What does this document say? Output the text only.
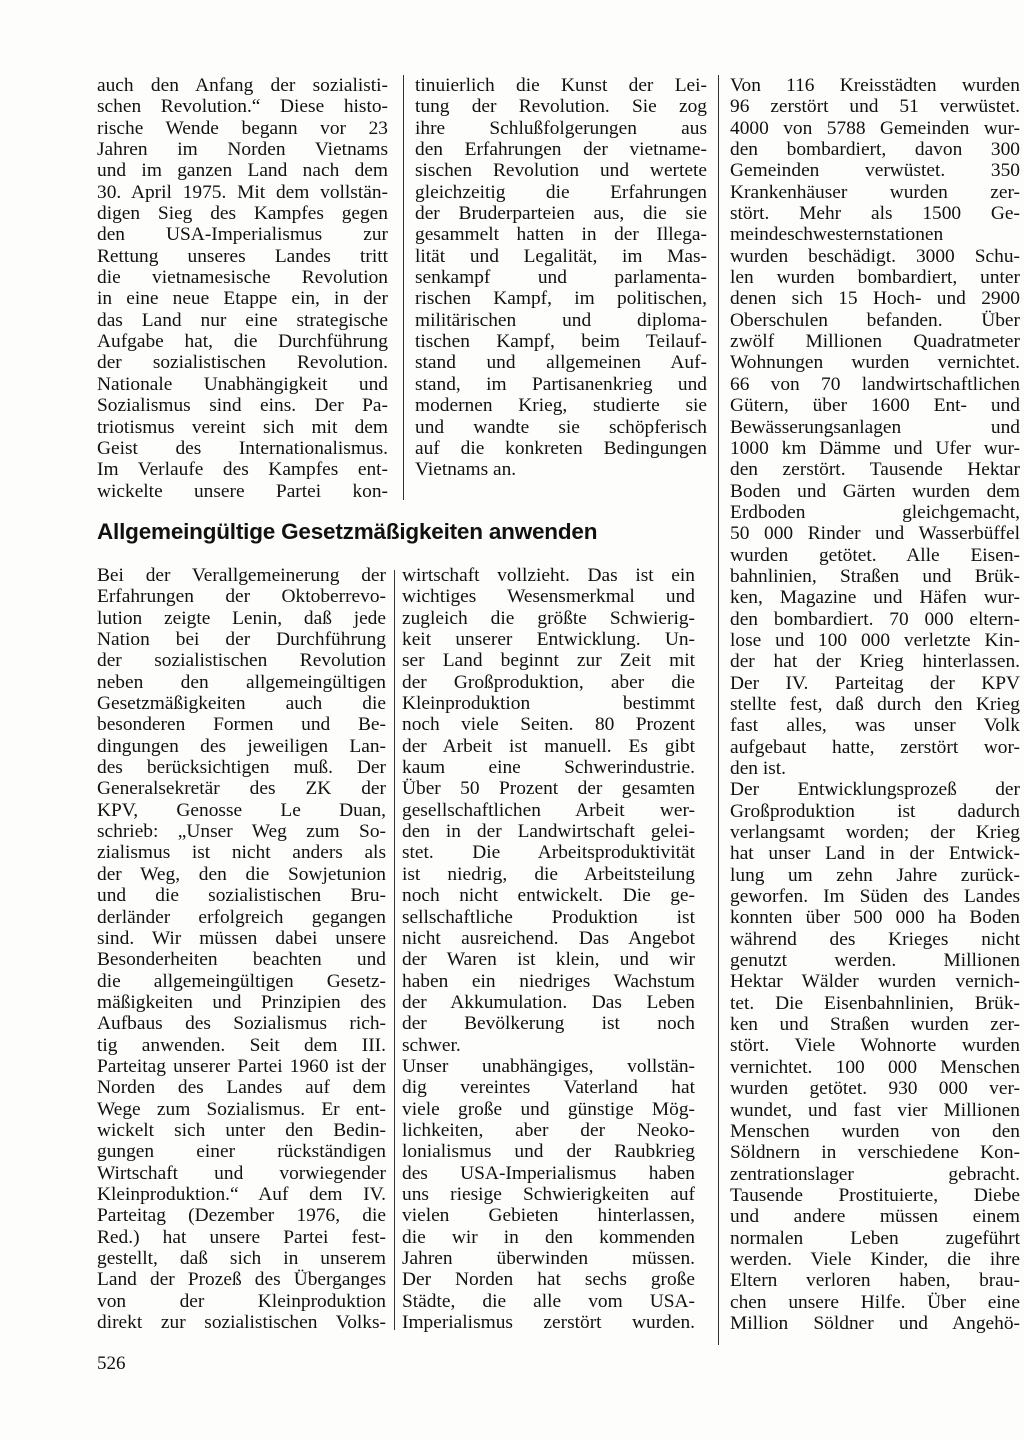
auch den Anfang der sozialisti-
schen Revolution.“ Diese histo-
rische Wende begann vor 23
Jahren im Norden Vietnams
und im ganzen Land nach dem
30. April 1975. Mit dem vollstän-
digen Sieg des Kampfes gegen
den USA-Imperialismus zur
Rettung unseres Landes tritt
die vietnamesische Revolution
in eine neue Etappe ein, in der
das Land nur eine strategische
Aufgabe hat, die Durchführung
der sozialistischen Revolution.
Nationale Unabhängigkeit und
Sozialismus sind eins. Der Pa-
triotismus vereint sich mit dem
Geist des Internationalismus.
Im Verlaufe des Kampfes ent-
wickelte unsere Partei kon-
tinuierlich die Kunst der Lei-
tung der Revolution. Sie zog
ihre Schlußfolgerungen aus
den Erfahrungen der vietname-
sischen Revolution und wertete
gleichzeitig die Erfahrungen
der Bruderparteien aus, die sie
gesammelt hatten in der Illega-
lität und Legalität, im Mas-
senkampf und parlamenta-
rischen Kampf, im politischen,
militärischen und diploma-
tischen Kampf, beim Teilauf-
stand und allgemeinen Auf-
stand, im Partisanenkrieg und
modernen Krieg, studierte sie
und wandte sie schöpferisch
auf die konkreten Bedingungen
Vietnams an.
Von 116 Kreisstädten wurden
96 zerstört und 51 verwüstet.
4000 von 5788 Gemeinden wur-
den bombardiert, davon 300
Gemeinden verwüstet. 350
Krankenhäuser wurden zer-
stört. Mehr als 1500 Ge-
meindeschwesternstationen
wurden beschädigt. 3000 Schu-
len wurden bombardiert, unter
denen sich 15 Hoch- und 2900
Oberschulen befanden. Über
zwölf Millionen Quadratmeter
Wohnungen wurden vernichtet.
66 von 70 landwirtschaftlichen
Gütern, über 1600 Ent- und
Bewässerungsanlagen und
1000 km Dämme und Ufer wur-
den zerstört. Tausende Hektar
Boden und Gärten wurden dem
Erdboden gleichgemacht,
50 000 Rinder und Wasserbüffel
wurden getötet. Alle Eisen-
bahnlinien, Straßen und Brük-
ken, Magazine und Häfen wur-
den bombardiert. 70 000 eltern-
lose und 100 000 verletzte Kin-
der hat der Krieg hinterlassen.
Der IV. Parteitag der KPV
stellte fest, daß durch den Krieg
fast alles, was unser Volk
aufgebaut hatte, zerstört wor-
den ist.
Der Entwicklungsprozeß der
Großproduktion ist dadurch
verlangsamt worden; der Krieg
hat unser Land in der Entwick-
lung um zehn Jahre zurück-
geworfen. Im Süden des Landes
konnten über 500 000 ha Boden
während des Krieges nicht
genutzt werden. Millionen
Hektar Wälder wurden vernich-
tet. Die Eisenbahnlinien, Brük-
ken und Straßen wurden zer-
stört. Viele Wohnorte wurden
vernichtet. 100 000 Menschen
wurden getötet. 930 000 ver-
wundet, und fast vier Millionen
Menschen wurden von den
Söldnern in verschiedene Kon-
zentrationslager gebracht.
Tausende Prostituierte, Diebe
und andere müssen einem
normalen Leben zugeführt
werden. Viele Kinder, die ihre
Eltern verloren haben, brau-
chen unsere Hilfe. Über eine
Million Söldner und Angehö-
Allgemeingültige Gesetzmäßigkeiten anwenden
Bei der Verallgemeinerung der
Erfahrungen der Oktoberrevo-
lution zeigte Lenin, daß jede
Nation bei der Durchführung
der sozialistischen Revolution
neben den allgemeingültigen
Gesetzmäßigkeiten auch die
besonderen Formen und Be-
dingungen des jeweiligen Lan-
des berücksichtigen muß. Der
Generalsekretär des ZK der
KPV, Genosse Le Duan,
schrieb: „Unser Weg zum So-
zialismus ist nicht anders als
der Weg, den die Sowjetunion
und die sozialistischen Bru-
derländer erfolgreich gegangen
sind. Wir müssen dabei unsere
Besonderheiten beachten und
die allgemeingültigen Gesetz-
mäßigkeiten und Prinzipien des
Aufbaus des Sozialismus rich-
tig anwenden. Seit dem III.
Parteitag unserer Partei 1960 ist der
Norden des Landes auf dem
Wege zum Sozialismus. Er ent-
wickelt sich unter den Bedin-
gungen einer rückständigen
Wirtschaft und vorwiegender
Kleinproduktion.“ Auf dem IV.
Parteitag (Dezember 1976, die
Red.) hat unsere Partei fest-
gestellt, daß sich in unserem
Land der Prozeß des Überganges
von der Kleinproduktion
direkt zur sozialistischen Volks-
wirtschaft vollzieht. Das ist ein
wichtiges Wesensmerkmal und
zugleich die größte Schwierig-
keit unserer Entwicklung. Un-
ser Land beginnt zur Zeit mit
der Großproduktion, aber die
Kleinproduktion bestimmt
noch viele Seiten. 80 Prozent
der Arbeit ist manuell. Es gibt
kaum eine Schwerindustrie.
Über 50 Prozent der gesamten
gesellschaftlichen Arbeit wer-
den in der Landwirtschaft gelei-
stet. Die Arbeitsproduktivität
ist niedrig, die Arbeitsteilung
noch nicht entwickelt. Die ge-
sellschaftliche Produktion ist
nicht ausreichend. Das Angebot
der Waren ist klein, und wir
haben ein niedriges Wachstum
der Akkumulation. Das Leben
der Bevölkerung ist noch
schwer.
Unser unabhängiges, vollstän-
dig vereintes Vaterland hat
viele große und günstige Mög-
lichkeiten, aber der Neoko-
lonialismus und der Raubkrieg
des USA-Imperialismus haben
uns riesige Schwierigkeiten auf
vielen Gebieten hinterlassen,
die wir in den kommenden
Jahren überwinden müssen.
Der Norden hat sechs große
Städte, die alle vom USA-
Imperialismus zerstört wurden.
526
